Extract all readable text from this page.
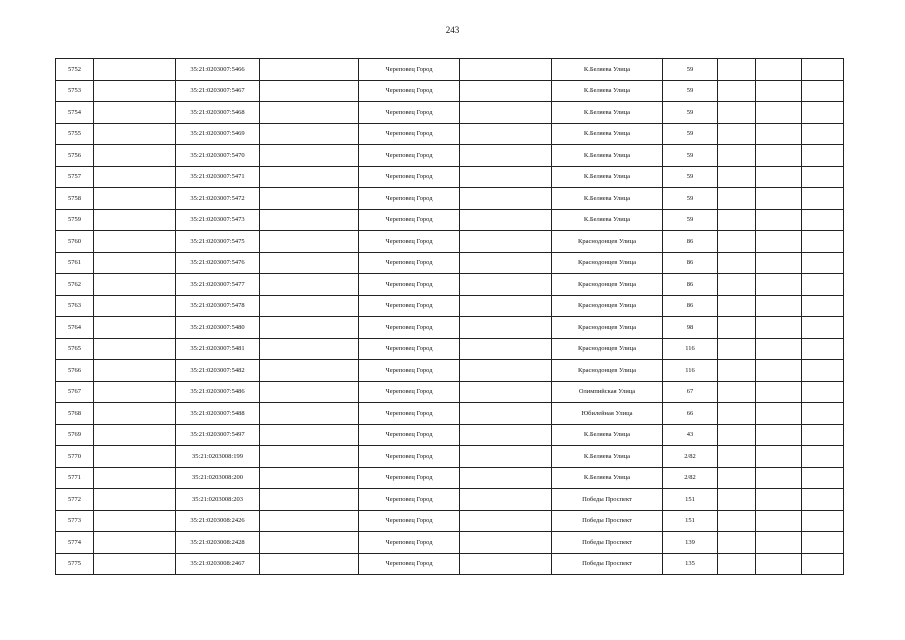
243
5752		35:21:0203007:5466		Череповец Город		К.Беляева Улица	59			
5753		35:21:0203007:5467		Череповец Город		К.Беляева Улица	59			
5754		35:21:0203007:5468		Череповец Город		К.Беляева Улица	59			
5755		35:21:0203007:5469		Череповец Город		К.Беляева Улица	59			
5756		35:21:0203007:5470		Череповец Город		К.Беляева Улица	59			
5757		35:21:0203007:5471		Череповец Город		К.Беляева Улица	59			
5758		35:21:0203007:5472		Череповец Город		К.Беляева Улица	59			
5759		35:21:0203007:5473		Череповец Город		К.Беляева Улица	59			
5760		35:21:0203007:5475		Череповец Город		Краснодонцев Улица	86			
5761		35:21:0203007:5476		Череповец Город		Краснодонцев Улица	86			
5762		35:21:0203007:5477		Череповец Город		Краснодонцев Улица	86			
5763		35:21:0203007:5478		Череповец Город		Краснодонцев Улица	86			
5764		35:21:0203007:5480		Череповец Город		Краснодонцев Улица	98			
5765		35:21:0203007:5481		Череповец Город		Краснодонцев Улица	116			
5766		35:21:0203007:5482		Череповец Город		Краснодонцев Улица	116			
5767		35:21:0203007:5486		Череповец Город		Олимпийская Улица	67			
5768		35:21:0203007:5488		Череповец Город		Юбилейная Улица	66			
5769		35:21:0203007:5497		Череповец Город		К.Беляева Улица	43			
5770		35:21:0203008:199		Череповец Город		К.Беляева Улица	2/82			
5771		35:21:0203008:200		Череповец Город		К.Беляева Улица	2/82			
5772		35:21:0203008:203		Череповец Город		Победы Проспект	151			
5773		35:21:0203008:2426		Череповец Город		Победы Проспект	151			
5774		35:21:0203008:2428		Череповец Город		Победы Проспект	139			
5775		35:21:0203008:2467		Череповец Город		Победы Проспект	135			
